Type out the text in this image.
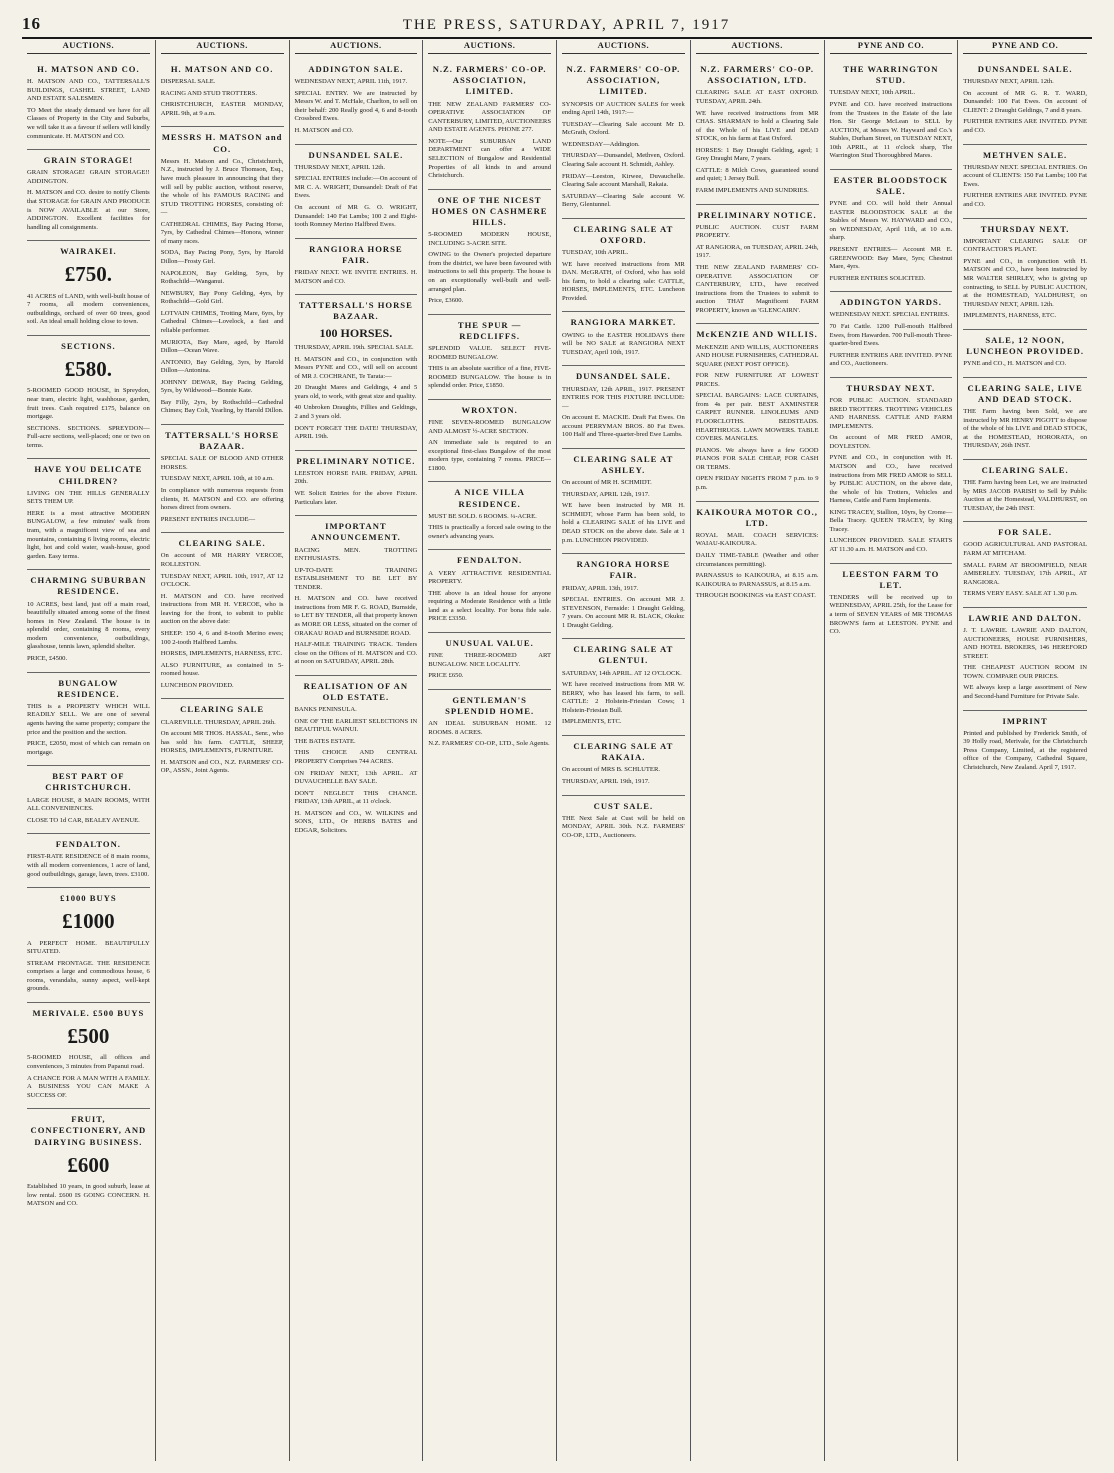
16	THE PRESS, SATURDAY, APRIL 7, 1917
AUCTIONS.
H. MATSON AND CO.

H. MATSON AND CO., TATTERSALL'S BUILDINGS, CASHEL STREET, LAND AND ESTATE SALESMEN.

TO Meet the steady demand we have for all Classes of Property in the City and Suburbs, we will take it as a favour if sellers will kindly communicate. H. MATSON and CO.

GRAIN STORAGE!

GRAIN STORAGE! GRAIN STORAGE!! ADDINGTON.

H. MATSON and CO. desire to notify Clients that STORAGE for GRAIN AND PRODUCE is NOW AVAILABLE at our Store, ADDINGTON. Excellent facilities for handling all consignments.

WAIRAKEI.
£750.

41 ACRES of LAND, with well-built house of 7 rooms, all modern conveniences, outbuildings, orchard of over 60 trees, good soil. An ideal small holding close to town.

SECTIONS.
£580.

5-ROOMED GOOD HOUSE, in Spreydon, near tram, electric light, washhouse, garden, fruit trees. Cash required £175, balance on mortgage.

SECTIONS. SECTIONS. SPREYDON—Full-acre sections, well-placed; one or two on terms.

HAVE YOU DELICATE CHILDREN?

LIVING ON THE HILLS GENERALLY SETS THEM UP.

HERE is a most attractive MODERN BUNGALOW, a few minutes' walk from tram, with a magnificent view of sea and mountains, containing 6 living rooms, electric light, hot and cold water, wash-house, good garden. Easy terms.

CHARMING SUBURBAN RESIDENCE.

10 ACRES, best land, just off a main road, beautifully situated among some of the finest homes in New Zealand. The house is in splendid order, containing 8 rooms, every modern convenience, outbuildings, glasshouse, tennis lawn, splendid shelter.

PRICE, £4500.

BUNGALOW RESIDENCE.

THIS is a PROPERTY WHICH WILL READILY SELL. We are one of several agents having the same property; compare the price and the position and the section.

PRICE, £2050, most of which can remain on mortgage.

BEST PART OF CHRISTCHURCH.

LARGE HOUSE, 8 MAIN ROOMS, WITH ALL CONVENIENCES.

CLOSE TO 1d CAR, BEALEY AVENUE.

FENDALTON.

FIRST-RATE RESIDENCE of 8 main rooms, with all modern conveniences, 1 acre of land, good outbuildings, garage, lawn, trees. £3100.

£1000 BUYS
£1000

A PERFECT HOME. BEAUTIFULLY SITUATED.

STREAM FRONTAGE. THE RESIDENCE comprises a large and commodious house, 6 rooms, verandahs, sunny aspect, well-kept grounds.

MERIVALE. £500 BUYS
£500

5-ROOMED HOUSE, all offices and conveniences, 3 minutes from Papanui road.

A CHANCE FOR A MAN WITH A FAMILY. A BUSINESS YOU CAN MAKE A SUCCESS OF.

FRUIT, CONFECTIONERY, AND DAIRYING BUSINESS.
£600

Established 10 years, in good suburb, lease at low rental. £600 IS GOING CONCERN. H. MATSON and CO.

AUCTIONS.
H. MATSON AND CO.

DISPERSAL SALE.

RACING AND STUD TROTTERS.

CHRISTCHURCH, EASTER MONDAY, APRIL 9th, at 9 a.m.

MESSRS H. MATSON and CO.

Messrs H. Matson and Co., Christchurch, N.Z., instructed by J. Bruce Thomson, Esq., have much pleasure in announcing that they will sell by public auction, without reserve, the whole of his FAMOUS RACING and STUD TROTTING HORSES, consisting of:—

CATHEDRAL CHIMES, Bay Pacing Horse, 7yrs, by Cathedral Chimes—Honora, winner of many races.

SODA, Bay Pacing Pony, 5yrs, by Harold Dillon—Frosty Girl.

NAPOLEON, Bay Gelding, 5yrs, by Rothschild—Wanganui.

NEWBURY, Bay Pony Gelding, 4yrs, by Rothschild—Gold Girl.

LOTVAIN CHIMES, Trotting Mare, 6yrs, by Cathedral Chimes—Lovelock, a fast and reliable performer.

MURIOTA, Bay Mare, aged, by Harold Dillon—Ocean Wave.

ANTONIO, Bay Gelding, 3yrs, by Harold Dillon—Antonina.

JOHNNY DEWAR, Bay Pacing Gelding, 5yrs, by Wildwood—Bonnie Kate.

Bay Filly, 2yrs, by Rothschild—Cathedral Chimes; Bay Colt, Yearling, by Harold Dillon.

TATTERSALL'S HORSE BAZAAR.

SPECIAL SALE OF BLOOD AND OTHER HORSES.

TUESDAY NEXT, APRIL 10th, at 10 a.m.

In compliance with numerous requests from clients, H. MATSON and CO. are offering horses direct from owners.

PRESENT ENTRIES INCLUDE—

CLEARING SALE.

On account of MR HARRY VERCOE, ROLLESTON.

TUESDAY NEXT, APRIL 10th, 1917, AT 12 O'CLOCK.

H. MATSON and CO. have received instructions from MR H. VERCOE, who is leaving for the front, to submit to public auction on the above date:

SHEEP: 150 4, 6 and 8-tooth Merino ewes; 100 2-tooth Halfbred Lambs.

HORSES, IMPLEMENTS, HARNESS, ETC.

ALSO FURNITURE, as contained in 5-roomed house.

LUNCHEON PROVIDED.

CLEARING SALE

CLAREVILLE. THURSDAY, APRIL 26th.

On account MR THOS. HASSAL, Senr., who has sold his farm. CATTLE, SHEEP, HORSES, IMPLEMENTS, FURNITURE.

H. MATSON and CO., N.Z. FARMERS' CO-OP., ASSN., Joint Agents.

AUCTIONS.
ADDINGTON SALE.

WEDNESDAY NEXT, APRIL 11th, 1917.

SPECIAL ENTRY. We are instructed by Messrs W. and T. McHale, Charlton, to sell on their behalf: 200 Really good 4, 6 and 8-tooth Crossbred Ewes.

H. MATSON and CO.

DUNSANDEL SALE.

THURSDAY NEXT, APRIL 12th.

SPECIAL ENTRIES include:—On account of MR C. A. WRIGHT, Dunsandel: Draft of Fat Ewes.

On account of MR G. O. WRIGHT, Dunsandel: 140 Fat Lambs; 100 2 and Eight-tooth Romney Merino Halfbred Ewes.

RANGIORA HORSE FAIR.

FRIDAY NEXT. WE INVITE ENTRIES. H. MATSON and CO.

TATTERSALL'S HORSE BAZAAR.
100 HORSES.

THURSDAY, APRIL 19th. SPECIAL SALE.

H. MATSON and CO., in conjunction with Messrs PYNE and CO., will sell on account of MR J. COCHRANE, Te Tarata:—

20 Draught Mares and Geldings, 4 and 5 years old, to work, with great size and quality.

40 Unbroken Draughts, Fillies and Geldings, 2 and 3 years old.

DON'T FORGET THE DATE! THURSDAY, APRIL 19th.

PRELIMINARY NOTICE.

LEESTON HORSE FAIR. FRIDAY, APRIL 20th.

WE Solicit Entries for the above Fixture. Particulars later.

IMPORTANT ANNOUNCEMENT.

RACING MEN. TROTTING ENTHUSIASTS.

UP-TO-DATE TRAINING ESTABLISHMENT TO BE LET BY TENDER.

H. MATSON and CO. have received instructions from MR F. G. ROAD, Burnside, to LET BY TENDER, all that property known as MORE OR LESS, situated on the corner of ORAKAU ROAD and BURNSIDE ROAD.

HALF-MILE TRAINING TRACK. Tenders close on the Offices of H. MATSON and CO. at noon on SATURDAY, APRIL 28th.

REALISATION OF AN OLD ESTATE.

BANKS PENINSULA.

ONE OF THE EARLIEST SELECTIONS IN BEAUTIFUL WAINUI.

THE BATES ESTATE.

THIS CHOICE AND CENTRAL PROPERTY Comprises 744 ACRES.

ON FRIDAY NEXT, 13th APRIL. AT DUVAUCHELLE BAY SALE.

DON'T NEGLECT THIS CHANCE. FRIDAY, 13th APRIL, at 11 o'clock.

H. MATSON and CO., W. WILKINS and SONS, LTD., Or HERBS BATES and EDGAR, Solicitors.

AUCTIONS.
N.Z. FARMERS' CO-OP. ASSOCIATION, LIMITED.

THE NEW ZEALAND FARMERS' CO-OPERATIVE ASSOCIATION OF CANTERBURY, LIMITED, AUCTIONEERS AND ESTATE AGENTS. PHONE 277.

NOTE—Our SUBURBAN LAND DEPARTMENT can offer a WIDE SELECTION of Bungalow and Residential Properties of all kinds in and around Christchurch.

ONE OF THE NICEST HOMES ON CASHMERE HILLS.

5-ROOMED MODERN HOUSE, INCLUDING 3-ACRE SITE.

OWING to the Owner's projected departure from the district, we have been favoured with instructions to sell this property. The house is on an exceptionally well-built and well-arranged plan.

Price, £3600.

THE SPUR — REDCLIFFS.

SPLENDID VALUE. SELECT FIVE-ROOMED BUNGALOW.

THIS is an absolute sacrifice of a fine, FIVE-ROOMED BUNGALOW. The house is in splendid order. Price, £1850.

WROXTON.

FINE SEVEN-ROOMED BUNGALOW AND ALMOST ½-ACRE SECTION.

AN immediate sale is required to an exceptional first-class Bungalow of the most modern type, containing 7 rooms. PRICE—£1800.

A NICE VILLA RESIDENCE.

MUST BE SOLD. 6 ROOMS. ¼-ACRE.

THIS is practically a forced sale owing to the owner's advancing years.

FENDALTON.

A VERY ATTRACTIVE RESIDENTIAL PROPERTY.

THE above is an ideal house for anyone requiring a Moderate Residence with a little land as a select locality. For bona fide sale. PRICE £3350.

UNUSUAL VALUE.

FINE THREE-ROOMED ART BUNGALOW. NICE LOCALITY.

PRICE £650.

GENTLEMAN'S SPLENDID HOME.

AN IDEAL SUBURBAN HOME. 12 ROOMS. 8 ACRES.

N.Z. FARMERS' CO-OP., LTD., Sole Agents.

AUCTIONS.
N.Z. FARMERS' CO-OP. ASSOCIATION, LIMITED.

SYNOPSIS OF AUCTION SALES for week ending April 14th, 1917:—

TUESDAY—Clearing Sale account Mr D. McGrath, Oxford.

WEDNESDAY—Addington.

THURSDAY—Dunsandel, Methven, Oxford. Clearing Sale account H. Schmidt, Ashley.

FRIDAY—Leeston, Kirwee, Duvauchelle. Clearing Sale account Marshall, Rakaia.

SATURDAY—Clearing Sale account W. Berry, Glentunnel.

CLEARING SALE AT OXFORD.

TUESDAY, 10th APRIL.

WE have received instructions from MR DAN. McGRATH, of Oxford, who has sold his farm, to hold a clearing sale: CATTLE, HORSES, IMPLEMENTS, ETC. Luncheon Provided.

RANGIORA MARKET.

OWING to the EASTER HOLIDAYS there will be NO SALE at RANGIORA NEXT TUESDAY, April 10th, 1917.

DUNSANDEL SALE.

THURSDAY, 12th APRIL, 1917. PRESENT ENTRIES FOR THIS FIXTURE INCLUDE:—

On account E. MACKIE. Draft Fat Ewes. On account PERRYMAN BROS. 80 Fat Ewes. 100 Half and Three-quarter-bred Ewe Lambs.

CLEARING SALE AT ASHLEY.

On account of MR H. SCHMIDT.

THURSDAY, APRIL 12th, 1917.

WE have been instructed by MR H. SCHMIDT, whose Farm has been sold, to hold a CLEARING SALE of his LIVE and DEAD STOCK on the above date. Sale at 1 p.m. LUNCHEON PROVIDED.

RANGIORA HORSE FAIR.

FRIDAY, APRIL 13th, 1917.

SPECIAL ENTRIES. On account MR J. STEVENSON, Fernside: 1 Draught Gelding, 7 years. On account MR R. BLACK, Okuku: 1 Draught Gelding.

CLEARING SALE AT GLENTUI.

SATURDAY, 14th APRIL. AT 12 O'CLOCK.

WE have received instructions from MR W. BERRY, who has leased his farm, to sell. CATTLE: 2 Holstein-Friesian Cows; 1 Holstein-Friesian Bull.

IMPLEMENTS, ETC.

CLEARING SALE AT RAKAIA.

On account of MRS B. SCHLUTER.

THURSDAY, APRIL 19th, 1917.

CUST SALE.

THE Next Sale at Cust will be held on MONDAY, APRIL 30th. N.Z. FARMERS' CO-OP., LTD., Auctioneers.

AUCTIONS.
N.Z. FARMERS' CO-OP. ASSOCIATION, LTD.

CLEARING SALE AT EAST OXFORD. TUESDAY, APRIL 24th.

WE have received instructions from MR CHAS. SHARMAN to hold a Clearing Sale of the Whole of his LIVE and DEAD STOCK, on his farm at East Oxford.

HORSES: 1 Bay Draught Gelding, aged; 1 Grey Draught Mare, 7 years.

CATTLE: 8 Milch Cows, guaranteed sound and quiet; 1 Jersey Bull.

FARM IMPLEMENTS AND SUNDRIES.

PRELIMINARY NOTICE.

PUBLIC AUCTION. CUST FARM PROPERTY.

AT RANGIORA, on TUESDAY, APRIL 24th, 1917.

THE NEW ZEALAND FARMERS' CO-OPERATIVE ASSOCIATION OF CANTERBURY, LTD., have received instructions from the Trustees to submit to auction THAT Magnificent FARM PROPERTY, known as 'GLENCAIRN'.

McKENZIE AND WILLIS.

McKENZIE AND WILLIS, AUCTIONEERS AND HOUSE FURNISHERS, CATHEDRAL SQUARE (NEXT POST OFFICE).

FOR NEW FURNITURE AT LOWEST PRICES.

SPECIAL BARGAINS: LACE CURTAINS, from 4s per pair. BEST AXMINSTER CARPET RUNNER. LINOLEUMS AND FLOORCLOTHS. BEDSTEADS. HEARTHRUGS. LAWN MOWERS. TABLE COVERS. MANGLES.

PIANOS. We always have a few GOOD PIANOS FOR SALE CHEAP, FOR CASH OR TERMS.

OPEN FRIDAY NIGHTS FROM 7 p.m. to 9 p.m.

KAIKOURA MOTOR CO., LTD.

ROYAL MAIL COACH SERVICES: WAIAU-KAIKOURA.

DAILY TIME-TABLE (Weather and other circumstances permitting).

PARNASSUS to KAIKOURA, at 8.15 a.m. KAIKOURA to PARNASSUS, at 8.15 a.m.

THROUGH BOOKINGS via EAST COAST.

PYNE AND CO.
THE WARRINGTON STUD.

TUESDAY NEXT, 10th APRIL.

PYNE and CO. have received instructions from the Trustees in the Estate of the late Hon. Sir George McLean to SELL by AUCTION, at Messrs W. Hayward and Co.'s Stables, Durham Street, on TUESDAY NEXT, 10th APRIL, at 11 o'clock sharp, The Warrington Stud Thoroughbred Mares.

EASTER BLOODSTOCK SALE.

PYNE and CO. will hold their Annual EASTER BLOODSTOCK SALE at the Stables of Messrs W. HAYWARD and CO., on WEDNESDAY, April 11th, at 10 a.m. sharp.

PRESENT ENTRIES— Account MR E. GREENWOOD: Bay Mare, 5yrs; Chestnut Mare, 4yrs.

FURTHER ENTRIES SOLICITED.

ADDINGTON YARDS.

WEDNESDAY NEXT. SPECIAL ENTRIES.

70 Fat Cattle. 1200 Full-mouth Halfbred Ewes, from Hawarden. 700 Full-mouth Three-quarter-bred Ewes.

FURTHER ENTRIES ARE INVITED. PYNE and CO., Auctioneers.

THURSDAY NEXT.

FOR PUBLIC AUCTION. STANDARD BRED TROTTERS. TROTTING VEHICLES AND HARNESS. CATTLE AND FARM IMPLEMENTS.

On account of MR FRED AMOR, DOYLESTON.

PYNE and CO., in conjunction with H. MATSON and CO., have received instructions from MR FRED AMOR to SELL by PUBLIC AUCTION, on the above date, the whole of his Trotters, Vehicles and Harness, Cattle and Farm Implements.

KING TRACEY, Stallion, 10yrs, by Crome—Bella Tracey. QUEEN TRACEY, by King Tracey.

LUNCHEON PROVIDED. SALE STARTS AT 11.30 a.m. H. MATSON and CO.

LEESTON FARM TO LET.

TENDERS will be received up to WEDNESDAY, APRIL 25th, for the Lease for a term of SEVEN YEARS of MR THOMAS BROWN'S farm at LEESTON. PYNE and CO.

PYNE AND CO.
DUNSANDEL SALE.

THURSDAY NEXT, APRIL 12th.

On account of MR G. R. T. WARD, Dunsandel: 100 Fat Ewes. On account of CLIENT: 2 Draught Geldings, 7 and 8 years.

FURTHER ENTRIES ARE INVITED. PYNE and CO.

METHVEN SALE.

THURSDAY NEXT. SPECIAL ENTRIES. On account of CLIENTS: 150 Fat Lambs; 100 Fat Ewes.

FURTHER ENTRIES ARE INVITED. PYNE and CO.

THURSDAY NEXT.

IMPORTANT CLEARING SALE OF CONTRACTOR'S PLANT.

PYNE and CO., in conjunction with H. MATSON and CO., have been instructed by MR WALTER SHIRLEY, who is giving up contracting, to SELL by PUBLIC AUCTION, at the HOMESTEAD, YALDHURST, on THURSDAY NEXT, APRIL 12th.

IMPLEMENTS, HARNESS, ETC.

SALE, 12 NOON, LUNCHEON PROVIDED.

PYNE and CO., H. MATSON and CO.

CLEARING SALE, LIVE AND DEAD STOCK.

THE Farm having been Sold, we are instructed by MR HENRY PIGOTT to dispose of the whole of his LIVE and DEAD STOCK, at the HOMESTEAD, HORORATA, on THURSDAY, 26th INST.

CLEARING SALE.

THE Farm having been Let, we are instructed by MRS JACOB PARISH to Sell by Public Auction at the Homestead, VALDHURST, on TUESDAY, the 24th INST.

FOR SALE.

GOOD AGRICULTURAL AND PASTORAL FARM AT MITCHAM.

SMALL FARM AT BROOMFIELD, NEAR AMBERLEY. TUESDAY, 17th APRIL, AT RANGIORA.

TERMS VERY EASY. SALE AT 1.30 p.m.

LAWRIE AND DALTON.

J. T. LAWRIE. LAWRIE AND DALTON, AUCTIONEERS, HOUSE FURNISHERS, AND HOTEL BROKERS, 146 HEREFORD STREET.

THE CHEAPEST AUCTION ROOM IN TOWN. COMPARE OUR PRICES.

WE always keep a large assortment of New and Second-hand Furniture for Private Sale.

IMPRINT

Printed and published by Frederick Smith, of 39 Holly road, Merivale, for the Christchurch Press Company, Limited, at the registered office of the Company, Cathedral Square, Christchurch, New Zealand. April 7, 1917.
